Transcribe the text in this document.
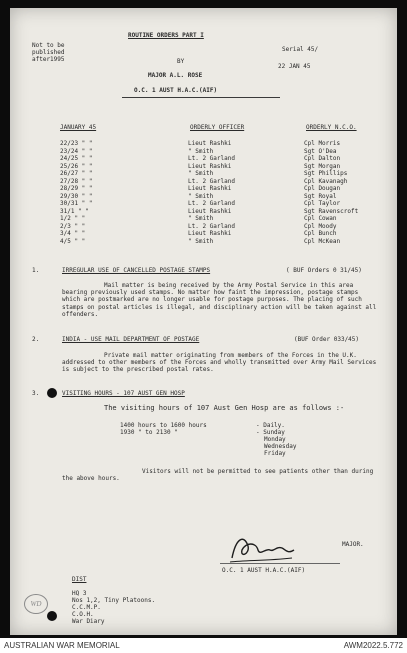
Not to be
published
after1995
ROUTINE ORDERS PART I
BY
MAJOR A.L. ROSE
O.C. 1 AUST H.A.C.(AIF)
Serial 45/
22 JAN 45
JANUARY 45	ORDERLY OFFICER	ORDERLY N.C.O.
22/23 " "	Lieut Rashki	Cpl Morris
23/24 " "	" Smith	Sgt O'Dea
24/25 " "	Lt. 2 Garland	Cpl Dalton
25/26 " "	Lieut Rashki	Sgt Morgan
26/27 " "	" Smith	Sgt Phillips
27/28 " "	Lt. 2 Garland	Cpl Kavanagh
28/29 " "	Lieut Rashki	Cpl Dougan
29/30 " "	" Smith	Sgt Royal
30/31 " "	Lt. 2 Garland	Cpl Taylor
31/1 " "	Lieut Rashki	Sgt Ravenscroft
1/2 " "	" Smith	Cpl Cowan
2/3 " "	Lt. 2 Garland	Cpl Moody
3/4 " "	Lieut Rashki	Cpl Bunch
4/5 " "	" Smith	Cpl McKean
1.	IRREGULAR USE OF CANCELLED POSTAGE STAMPS	( BUF Orders 0 31/45)
Mail matter is being received by the Army Postal Service in this area bearing previously used stamps. No matter how faint the impression, postage stamps which are postmarked are no longer usable for postage purposes. The placing of such stamps on postal articles is illegal, and disciplinary action will be taken against all offenders.
2.	INDIA - USE MAIL DEPARTMENT OF POSTAGE	(BUF Order 033/45)
Private mail matter originating from members of the Forces in the U.K. addressed to other members of the Forces and wholly transmitted over Army Mail Services is subject to the prescribed postal rates.
3.	VISITING HOURS - 107 AUST GEN HOSP
The visiting hours of 107 Aust Gen Hosp are as follows :-
1400 hours to 1600 hours	- Daily.
1930 " to 2130 "	- Sunday
Monday
Wednesday
Friday
Visitors will not be permitted to see patients other than during the above hours.
MAJOR.
O.C. 1 AUST H.A.C.(AIF)
DIST
HQ 3
Nos 1,2, Tiny Platoons.
C.C.M.P.
C.O.H.
War Diary
WD
AUSTRALIAN WAR MEMORIAL	AWM2022.5.772
